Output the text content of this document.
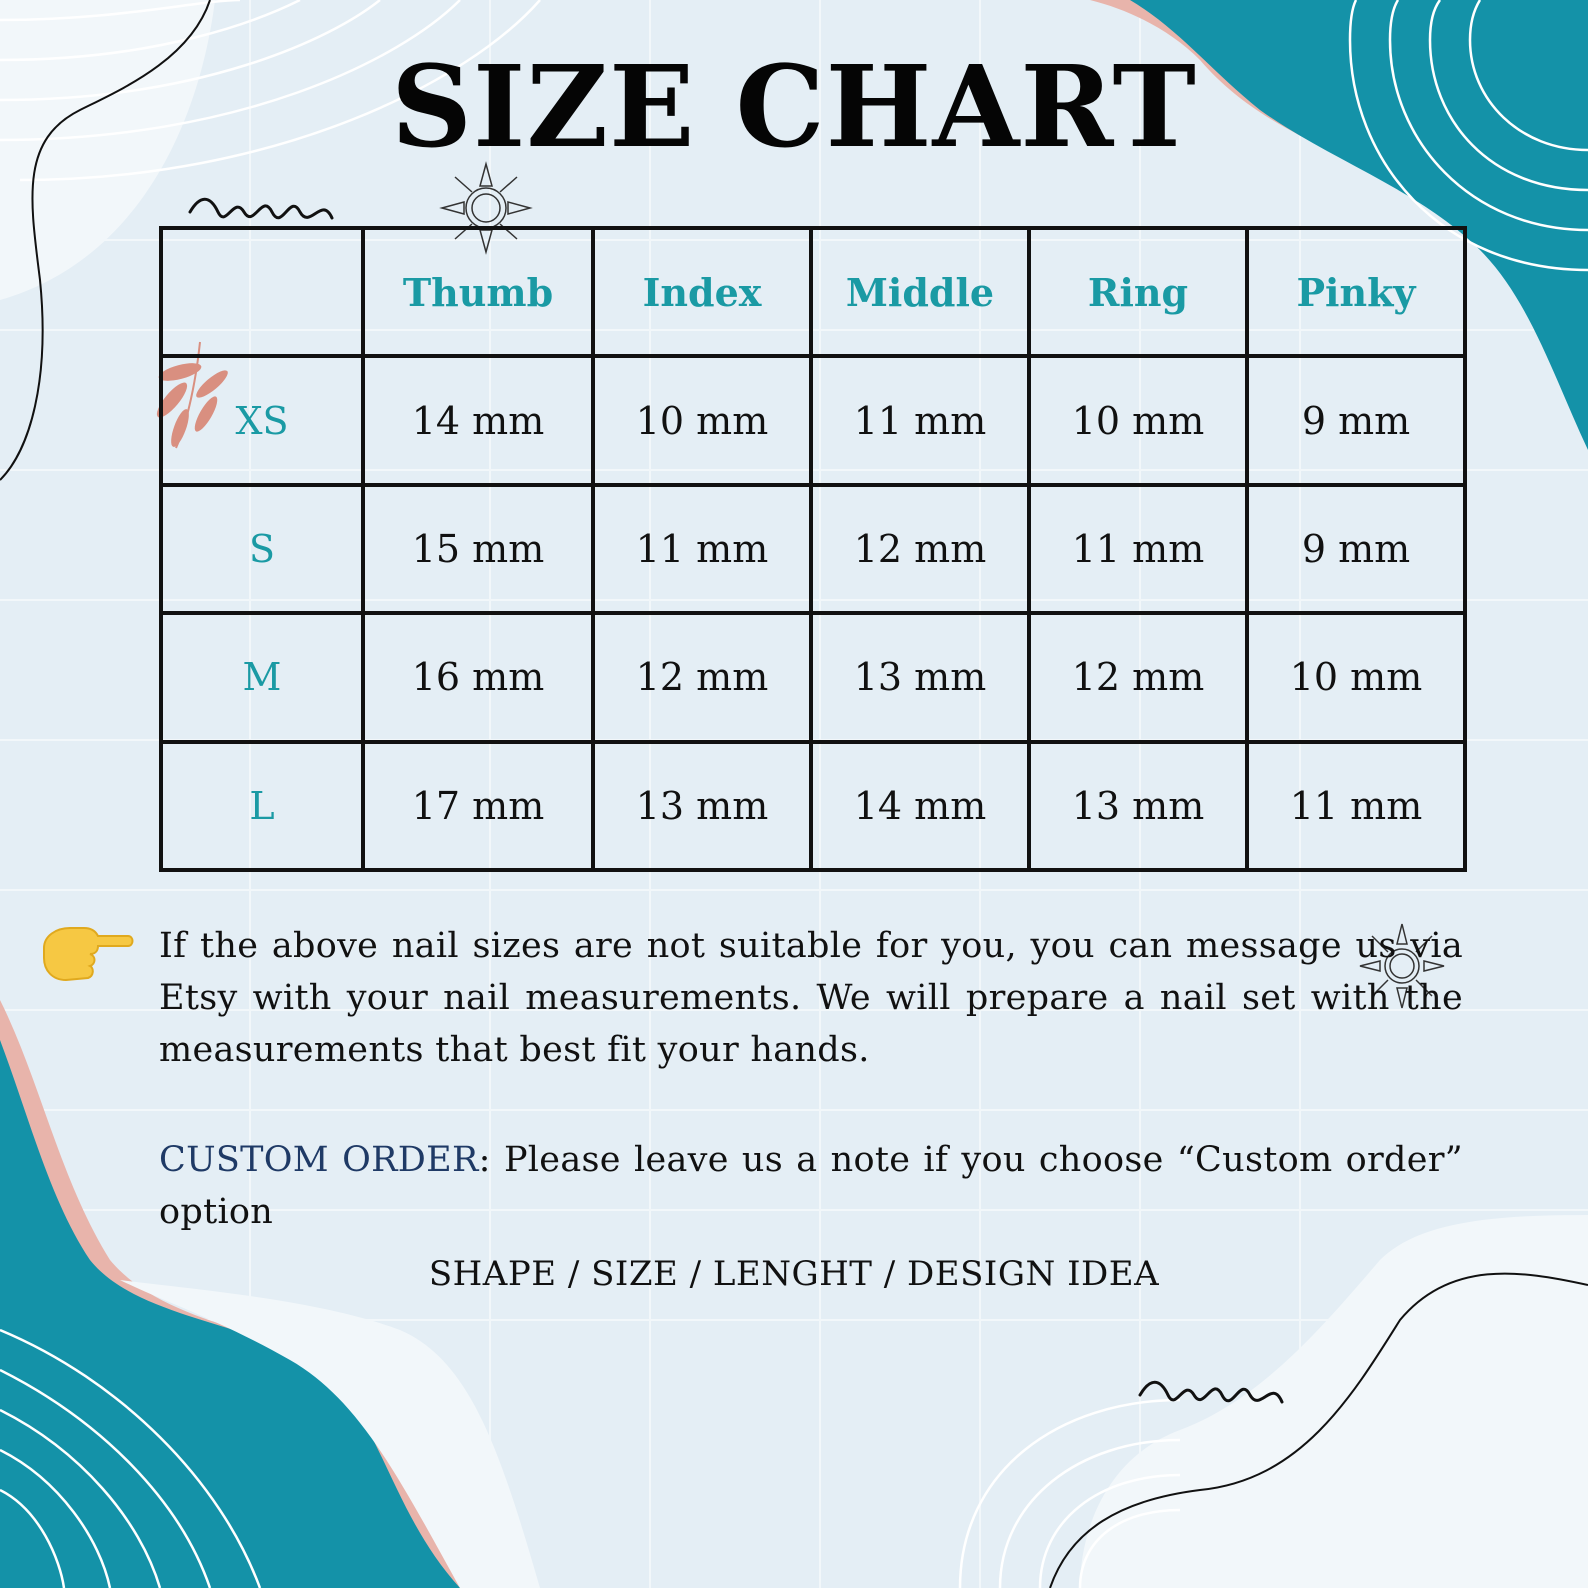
SIZE CHART
	Thumb	Index	Middle	Ring	Pinky
XS	14 mm	10 mm	11 mm	10 mm	9 mm
S	15 mm	11 mm	12 mm	11 mm	9 mm
M	16 mm	12 mm	13 mm	12 mm	10 mm
L	17 mm	13 mm	14 mm	13 mm	11 mm
If the above nail sizes are not suitable for you, you can message us via Etsy with your nail measurements. We will prepare a nail set with the measurements that best fit your hands.
CUSTOM ORDER: Please leave us a note if you choose “Custom order” option
SHAPE / SIZE / LENGHT / DESIGN IDEA
